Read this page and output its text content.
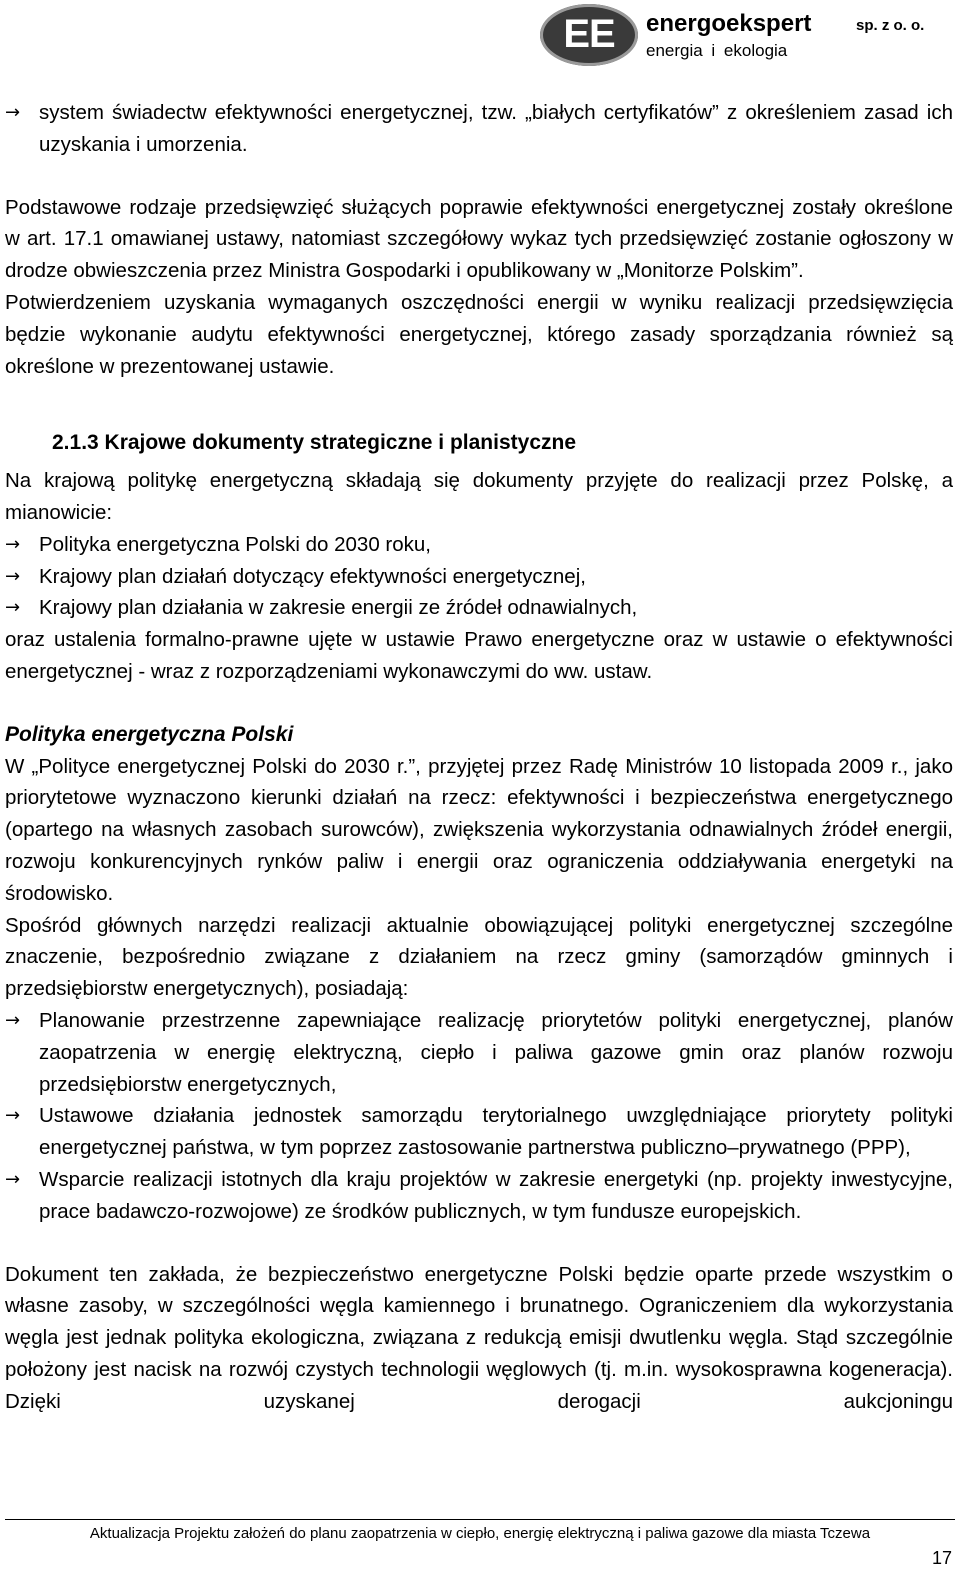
EE	energoekspert	sp. z o. o.
energia i ekologia
→ system świadectw efektywności energetycznej, tzw. „białych certyfikatów” z określeniem zasad ich uzyskania i umorzenia.

Podstawowe rodzaje przedsięwzięć służących poprawie efektywności energetycznej zostały określone w art. 17.1 omawianej ustawy, natomiast szczegółowy wykaz tych przedsięwzięć zostanie ogłoszony w drodze obwieszczenia przez Ministra Gospodarki i opublikowany w „Monitorze Polskim”.

Potwierdzeniem uzyskania wymaganych oszczędności energii w wyniku realizacji przedsięwzięcia będzie wykonanie audytu efektywności energetycznej, którego zasady sporządzania również są określone w prezentowanej ustawie.

2.1.3 Krajowe dokumenty strategiczne i planistyczne

Na krajową politykę energetyczną składają się dokumenty przyjęte do realizacji przez Polskę, a mianowicie:

→ Polityka energetyczna Polski do 2030 roku,
→ Krajowy plan działań dotyczący efektywności energetycznej,
→ Krajowy plan działania w zakresie energii ze źródeł odnawialnych,

oraz ustalenia formalno-prawne ujęte w ustawie Prawo energetyczne oraz w ustawie o efektywności energetycznej - wraz z rozporządzeniami wykonawczymi do ww. ustaw.

Polityka energetyczna Polski

W „Polityce energetycznej Polski do 2030 r.”, przyjętej przez Radę Ministrów 10 listopada 2009 r., jako priorytetowe wyznaczono kierunki działań na rzecz: efektywności i bezpieczeństwa energetycznego (opartego na własnych zasobach surowców), zwiększenia wykorzystania odnawialnych źródeł energii, rozwoju konkurencyjnych rynków paliw i energii oraz ograniczenia oddziaływania energetyki na środowisko.

Spośród głównych narzędzi realizacji aktualnie obowiązującej polityki energetycznej szczególne znaczenie, bezpośrednio związane z działaniem na rzecz gminy (samorządów gminnych i przedsiębiorstw energetycznych), posiadają:

→ Planowanie przestrzenne zapewniające realizację priorytetów polityki energetycznej, planów zaopatrzenia w energię elektryczną, ciepło i paliwa gazowe gmin oraz planów rozwoju przedsiębiorstw energetycznych,
→ Ustawowe działania jednostek samorządu terytorialnego uwzględniające priorytety polityki energetycznej państwa, w tym poprzez zastosowanie partnerstwa publiczno–prywatnego (PPP),
→ Wsparcie realizacji istotnych dla kraju projektów w zakresie energetyki (np. projekty inwestycyjne, prace badawczo-rozwojowe) ze środków publicznych, w tym fundusze europejskich.

Dokument ten zakłada, że bezpieczeństwo energetyczne Polski będzie oparte przede wszystkim o własne zasoby, w szczególności węgla kamiennego i brunatnego. Ograniczeniem dla wykorzystania węgla jest jednak polityka ekologiczna, związana z redukcją emisji dwutlenku węgla. Stąd szczególnie położony jest nacisk na rozwój czystych technologii węglowych (tj. m.in. wysokosprawna kogeneracja). Dzięki uzyskanej derogacji aukcjoningu

Aktualizacja Projektu założeń do planu zaopatrzenia w ciepło, energię elektryczną i paliwa gazowe dla miasta Tczewa
17
